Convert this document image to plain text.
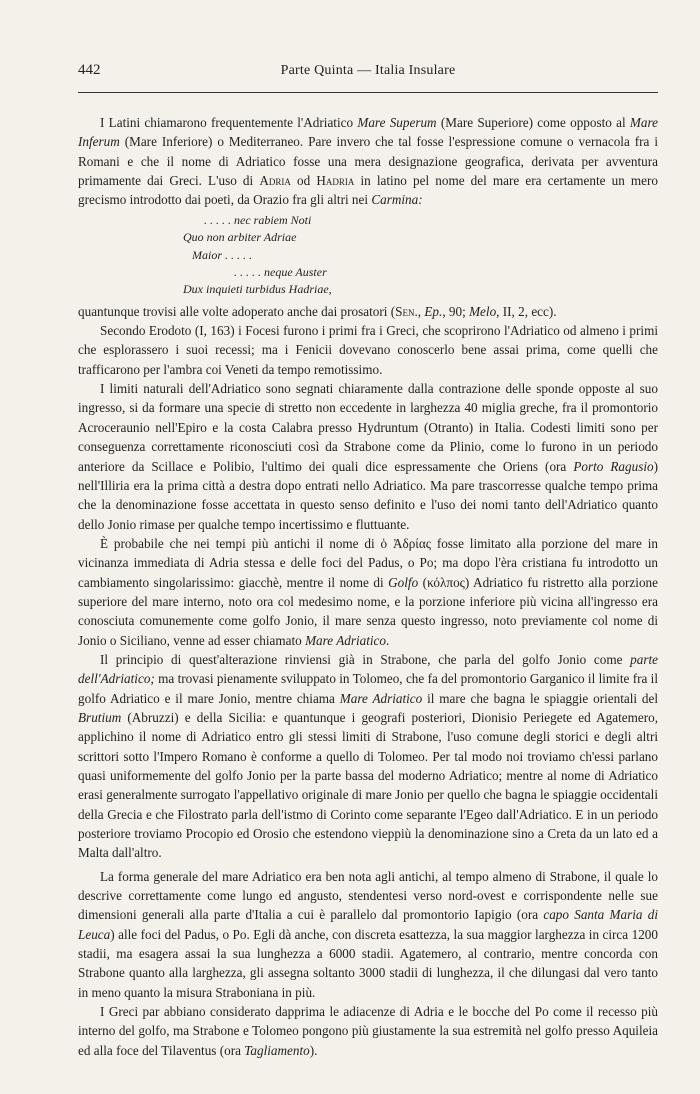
442	Parte Quinta — Italia Insulare

I Latini chiamarono frequentemente l'Adriatico Mare Superum (Mare Superiore) come opposto al Mare Inferum (Mare Inferiore) o Mediterraneo. Pare invero che tal fosse l'espressione comune o vernacola fra i Romani e che il nome di Adriatico fosse una mera designazione geografica, derivata per avventura primamente dai Greci. L'uso di Adria od Hadria in latino pel nome del mare era certamente un mero grecismo introdotto dai poeti, da Orazio fra gli altri nei Carmina:

. . . . . nec rabiem Noti
Quo non arbiter Adriae
Maior . . . . .
. . . . . neque Auster
Dux inquieti turbidus Hadriae,

quantunque trovisi alle volte adoperato anche dai prosatori (Sen., Ep., 90; Melo, II, 2, ecc).

Secondo Erodoto (I, 163) i Focesi furono i primi fra i Greci, che scoprirono l'Adriatico od almeno i primi che esplorassero i suoi recessi; ma i Fenicii dovevano conoscerlo bene assai prima, come quelli che trafficarono per l'ambra coi Veneti da tempo remotissimo.

I limiti naturali dell'Adriatico sono segnati chiaramente dalla contrazione delle sponde opposte al suo ingresso, si da formare una specie di stretto non eccedente in larghezza 40 miglia greche, fra il promontorio Acroceraunio nell'Epiro e la costa Calabra presso Hydruntum (Otranto) in Italia. Codesti limiti sono per conseguenza correttamente riconosciuti così da Strabone come da Plinio, come lo furono in un periodo anteriore da Scillace e Polibio, l'ultimo dei quali dice espressamente che Oriens (ora Porto Ragusio) nell'Illiria era la prima città a destra dopo entrati nello Adriatico. Ma pare trascorresse qualche tempo prima che la denominazione fosse accettata in questo senso definito e l'uso dei nomi tanto dell'Adriatico quanto dello Jonio rimase per qualche tempo incertissimo e fluttuante.

È probabile che nei tempi più antichi il nome di ὁ Ἀδρίας fosse limitato alla porzione del mare in vicinanza immediata di Adria stessa e delle foci del Padus, o Po; ma dopo l'èra cristiana fu introdotto un cambiamento singolarissimo: giacchè, mentre il nome di Golfo (κόλπος) Adriatico fu ristretto alla porzione superiore del mare interno, noto ora col medesimo nome, e la porzione inferiore più vicina all'ingresso era conosciuta comunemente come golfo Jonio, il mare senza questo ingresso, noto previamente col nome di Jonio o Siciliano, venne ad esser chiamato Mare Adriatico.

Il principio di quest'alterazione rinviensi già in Strabone, che parla del golfo Jonio come parte dell'Adriatico; ma trovasi pienamente sviluppato in Tolomeo, che fa del promontorio Garganico il limite fra il golfo Adriatico e il mare Jonio, mentre chiama Mare Adriatico il mare che bagna le spiaggie orientali del Brutium (Abruzzi) e della Sicilia: e quantunque i geografi posteriori, Dionisio Periegete ed Agatemero, applichino il nome di Adriatico entro gli stessi limiti di Strabone, l'uso comune degli storici e degli altri scrittori sotto l'Impero Romano è conforme a quello di Tolomeo. Per tal modo noi troviamo ch'essi parlano quasi uniformemente del golfo Jonio per la parte bassa del moderno Adriatico; mentre al nome di Adriatico erasi generalmente surrogato l'appellativo originale di mare Jonio per quello che bagna le spiaggie occidentali della Grecia e che Filostrato parla dell'istmo di Corinto come separante l'Egeo dall'Adriatico. E in un periodo posteriore troviamo Procopio ed Orosio che estendono vieppiù la denominazione sino a Creta da un lato ed a Malta dall'altro.

La forma generale del mare Adriatico era ben nota agli antichi, al tempo almeno di Strabone, il quale lo descrive correttamente come lungo ed angusto, stendentesi verso nord-ovest e corrispondente nelle sue dimensioni generali alla parte d'Italia a cui è parallelo dal promontorio Iapigio (ora capo Santa Maria di Leuca) alle foci del Padus, o Po. Egli dà anche, con discreta esattezza, la sua maggior larghezza in circa 1200 stadii, ma esagera assai la sua lunghezza a 6000 stadii. Agatemero, al contrario, mentre concorda con Strabone quanto alla larghezza, gli assegna soltanto 3000 stadii di lunghezza, il che dilungasi dal vero tanto in meno quanto la misura Straboniana in più.

I Greci par abbiano considerato dapprima le adiacenze di Adria e le bocche del Po come il recesso più interno del golfo, ma Strabone e Tolomeo pongono più giustamente la sua estremità nel golfo presso Aquileia ed alla foce del Tilaventus (ora Tagliamento).
